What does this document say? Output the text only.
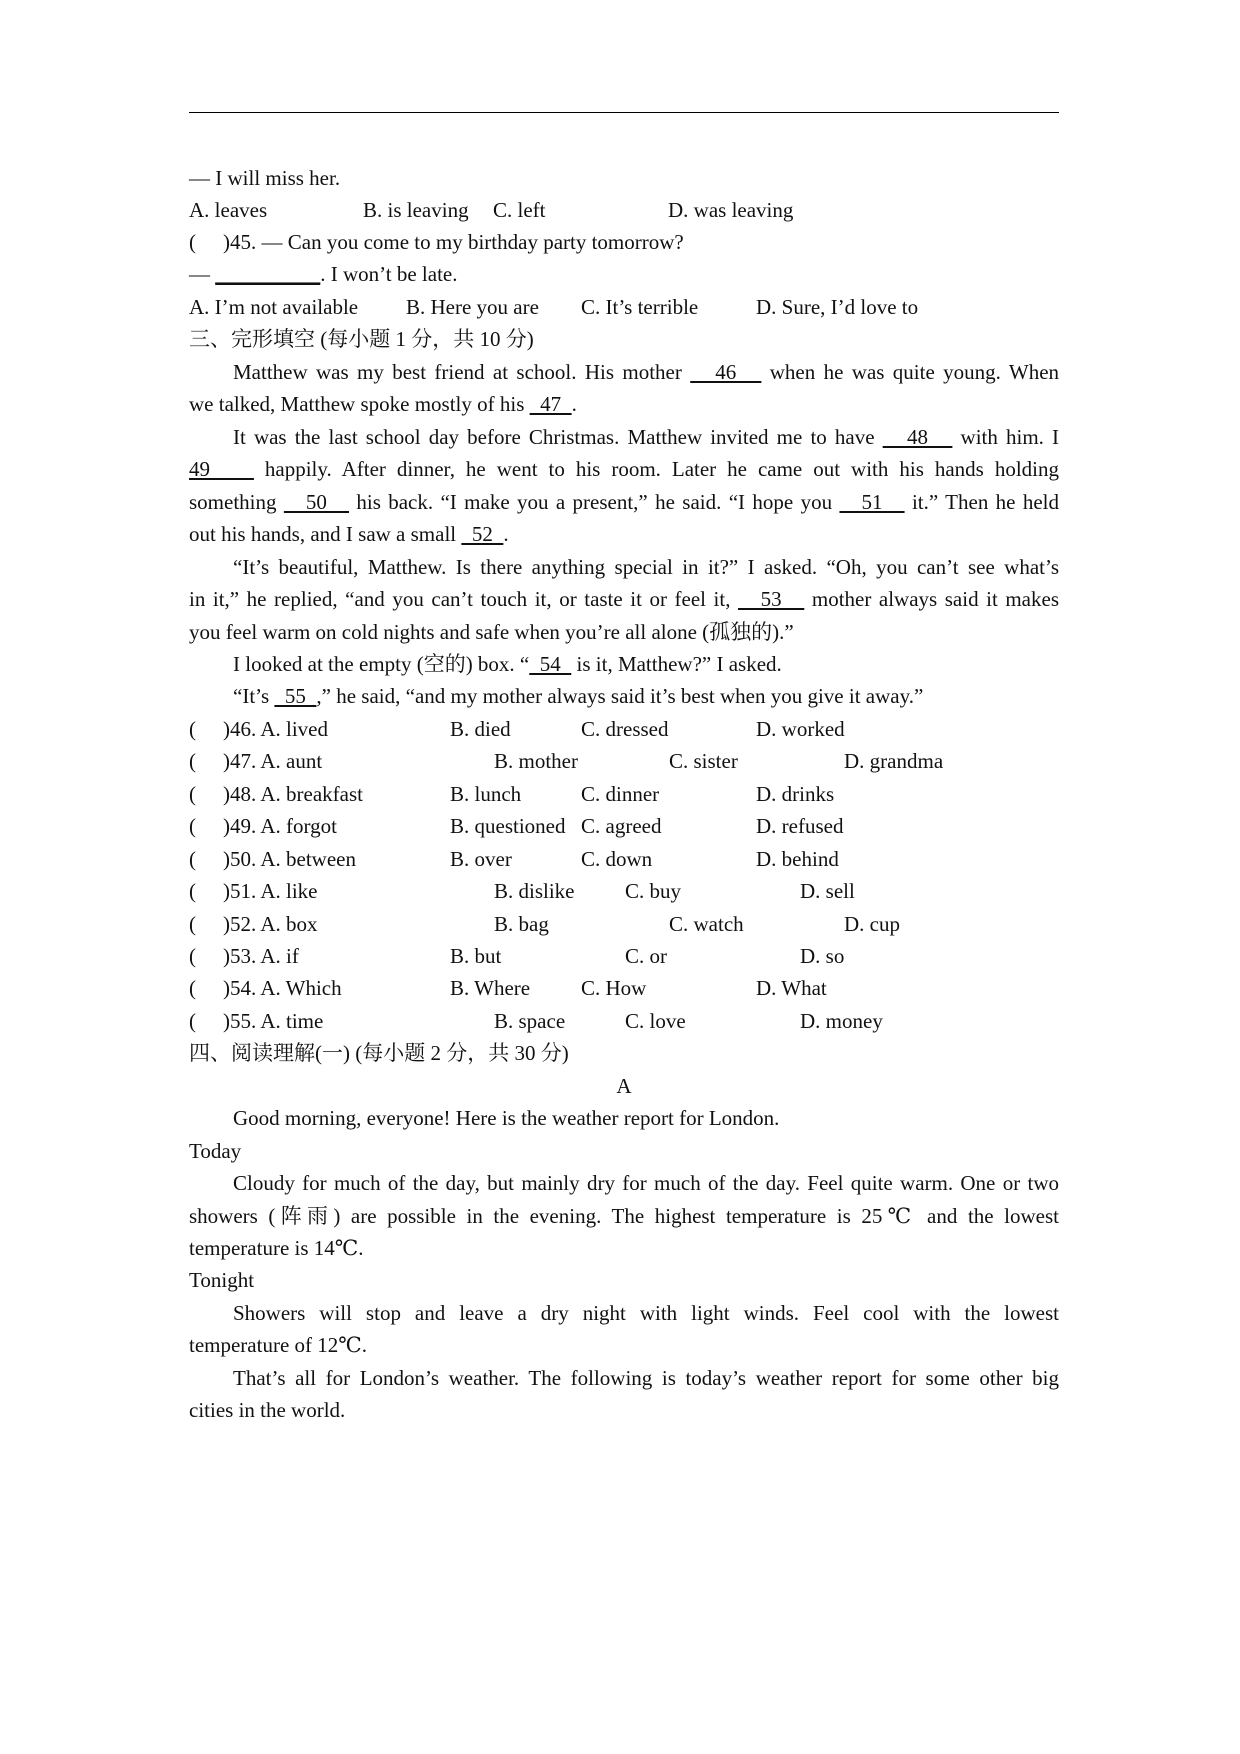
— I will miss her.
A. leaves	B. is leaving C. left	D. was leaving
( )45. — Can you come to my birthday party tomorrow?
— __________. I won’t be late.
A. I’m not available B. Here you are C. It’s terrible	D. Sure, I’d love to
三、完形填空 (每小题 1 分，共 10 分)
Matthew was my best friend at school. His mother    46    when he was quite young. When
we talked, Matthew spoke mostly of his   47  .
It was the last school day before Christmas. Matthew invited me to have    48    with him. I
49     happily. After dinner, he went to his room. Later he came out with his hands holding
something    50    his back. “I make you a present,” he said. “I hope you    51    it.” Then he held
out his hands, and I saw a small   52  .
“It’s beautiful, Matthew. Is there anything special in it?” I asked. “Oh, you can’t see what’s
in it,” he replied, “and you can’t touch it, or taste it or feel it,    53    mother always said it makes
you feel warm on cold nights and safe when you’re all alone (孤独的).”
I looked at the empty (空的) box. “  54   is it, Matthew?” I asked.
“It’s   55  ,” he said, “and my mother always said it’s best when you give it away.”
( )46. A. lived	B. died	C. dressed	D. worked
( )47. A. aunt	B. mother	C. sister	D. grandma
( )48. A. breakfast	B. lunch	C. dinner	D. drinks
( )49. A. forgot	B. questioned C. agreed	D. refused
( )50. A. between	B. over	C. down	D. behind
( )51. A. like	B. dislike C. buy	D. sell
( )52. A. box	B. bag	C. watch	D. cup
( )53. A. if	B. but	C. or	D. so
( )54. A. Which	B. Where C. How	D. What
( )55. A. time	B. space	C. love	D. money
四、阅读理解(一) (每小题 2 分，共 30 分)
A
Good morning, everyone! Here is the weather report for London.
Today
Cloudy for much of the day, but mainly dry for much of the day. Feel quite warm. One or two
showers (阵雨) are possible in the evening. The highest temperature is 25℃ and the lowest
temperature is 14℃.
Tonight
Showers will stop and leave a dry night with light winds. Feel cool with the lowest
temperature of 12℃.
That’s all for London’s weather. The following is today’s weather report for some other big
cities in the world.
